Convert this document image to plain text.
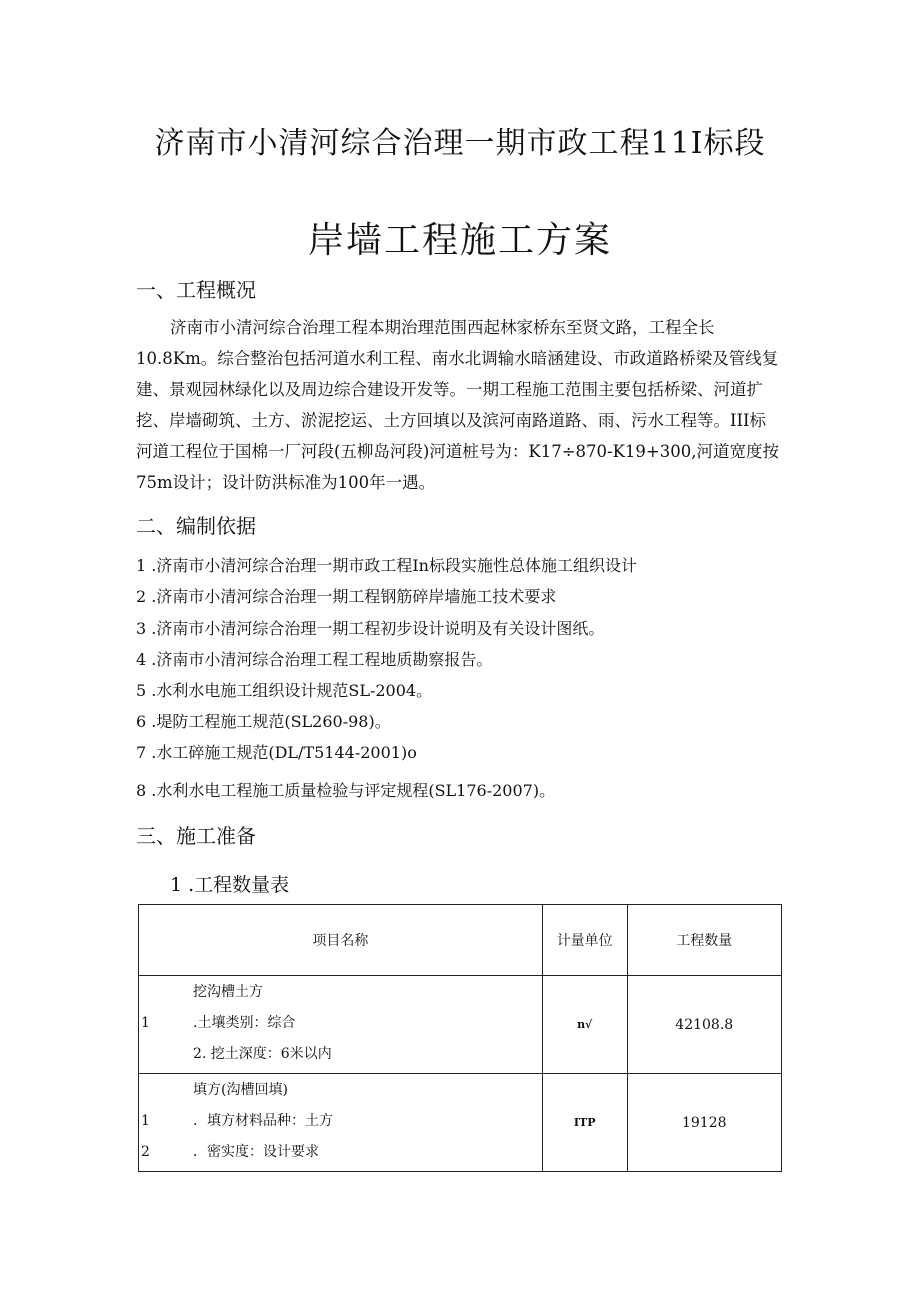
济南市小清河综合治理一期市政工程11I标段
岸墙工程施工方案
一、工程概况
济南市小清河综合治理工程本期治理范围西起林家桥东至贤文路，工程全长
10.8Km。综合整治包括河道水利工程、南水北调输水暗涵建设、市政道路桥梁及管线复
建、景观园林绿化以及周边综合建设开发等。一期工程施工范围主要包括桥梁、河道扩
挖、岸墙砌筑、土方、淤泥挖运、土方回填以及滨河南路道路、雨、污水工程等。III标
河道工程位于国棉一厂河段(五柳岛河段)河道桩号为：K17÷870-K19+300,河道宽度按
75m设计；设计防洪标准为100年一遇。
二、编制依据
1 .济南市小清河综合治理一期市政工程In标段实施性总体施工组织设计
2 .济南市小清河综合治理一期工程钢筋碎岸墙施工技术要求
3 .济南市小清河综合治理一期工程初步设计说明及有关设计图纸。
4 .济南市小清河综合治理工程工程地质勘察报告。
5 .水利水电施工组织设计规范SL-2004。
6 .堤防工程施工规范(SL260-98)。
7 .水工碎施工规范(DL/T5144-2001)o
8 .水利水电工程施工质量检验与评定规程(SL176-2007)。
三、施工准备
1 .工程数量表
项目名称	计量单位	工程数量

挖沟槽土方
1 .土壤类别：综合
2. 挖土深度：6米以内	n√	42108.8

填方(沟槽回填)
1 ．填方材料品种：土方
2 ．密实度：设计要求	ITP	19128
